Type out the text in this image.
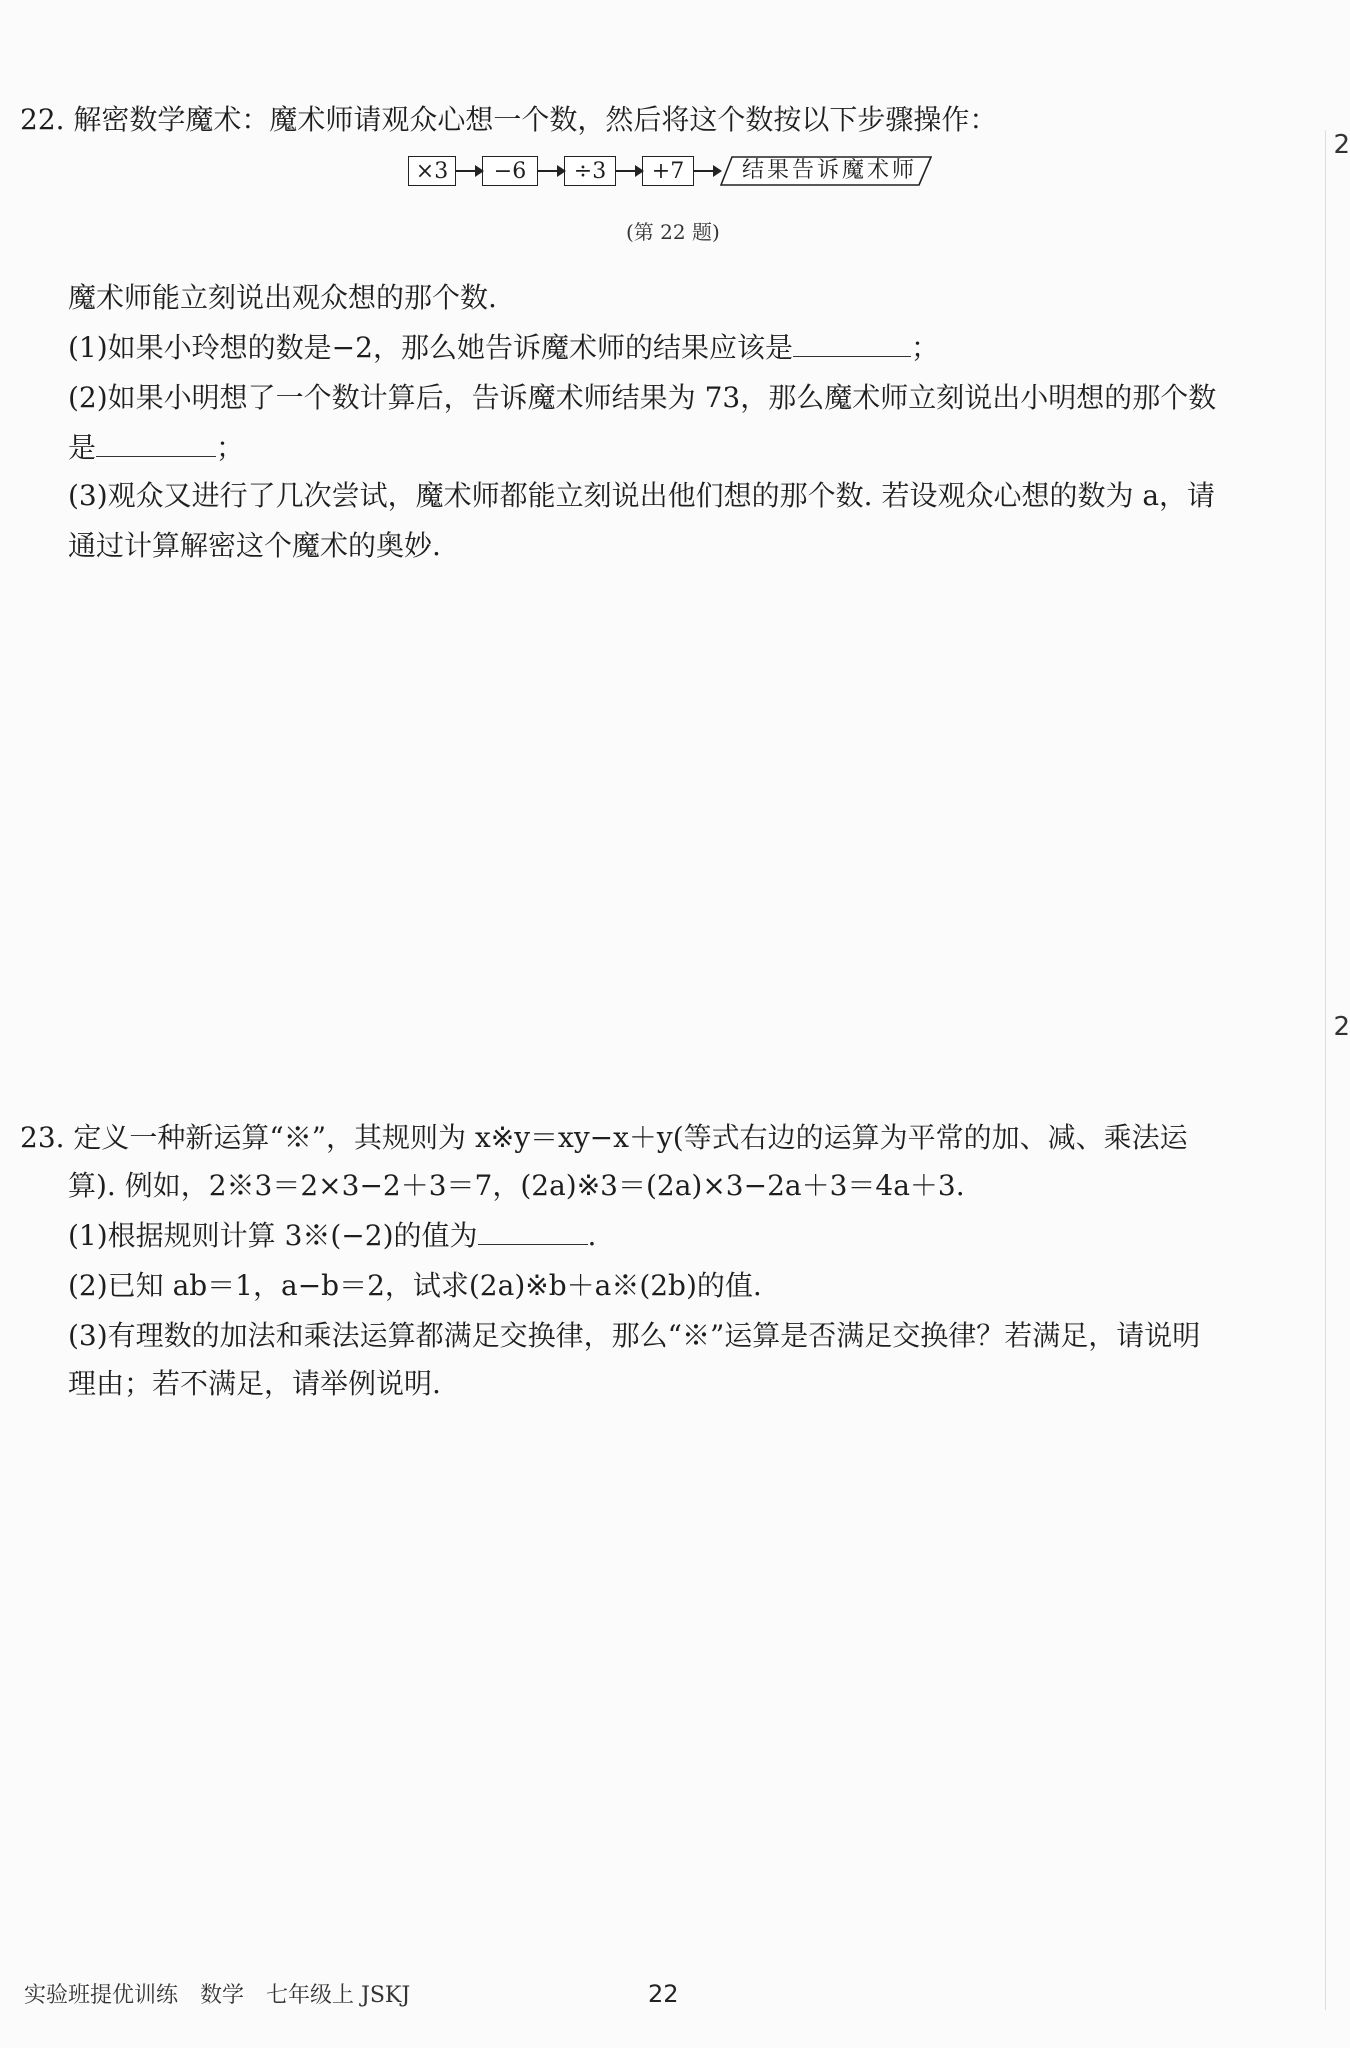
2
2
22. 解密数学魔术：魔术师请观众心想一个数，然后将这个数按以下步骤操作：
×3	−6	÷3	+7	结果告诉魔术师
(第 22 题)
魔术师能立刻说出观众想的那个数.
(1)如果小玲想的数是−2，那么她告诉魔术师的结果应该是	；
(2)如果小明想了一个数计算后，告诉魔术师结果为 73，那么魔术师立刻说出小明想的那个数
是	；
(3)观众又进行了几次尝试，魔术师都能立刻说出他们想的那个数. 若设观众心想的数为 a，请
通过计算解密这个魔术的奥妙.
23. 定义一种新运算“※”，其规则为 x※y＝xy−x＋y(等式右边的运算为平常的加、减、乘法运
算). 例如，2※3＝2×3−2＋3＝7，(2a)※3＝(2a)×3−2a＋3＝4a＋3.
(1)根据规则计算 3※(−2)的值为	.
(2)已知 ab＝1，a−b＝2，试求(2a)※b＋a※(2b)的值.
(3)有理数的加法和乘法运算都满足交换律，那么“※”运算是否满足交换律？若满足，请说明
理由；若不满足，请举例说明.
实验班提优训练　数学　七年级上 JSKJ	22
